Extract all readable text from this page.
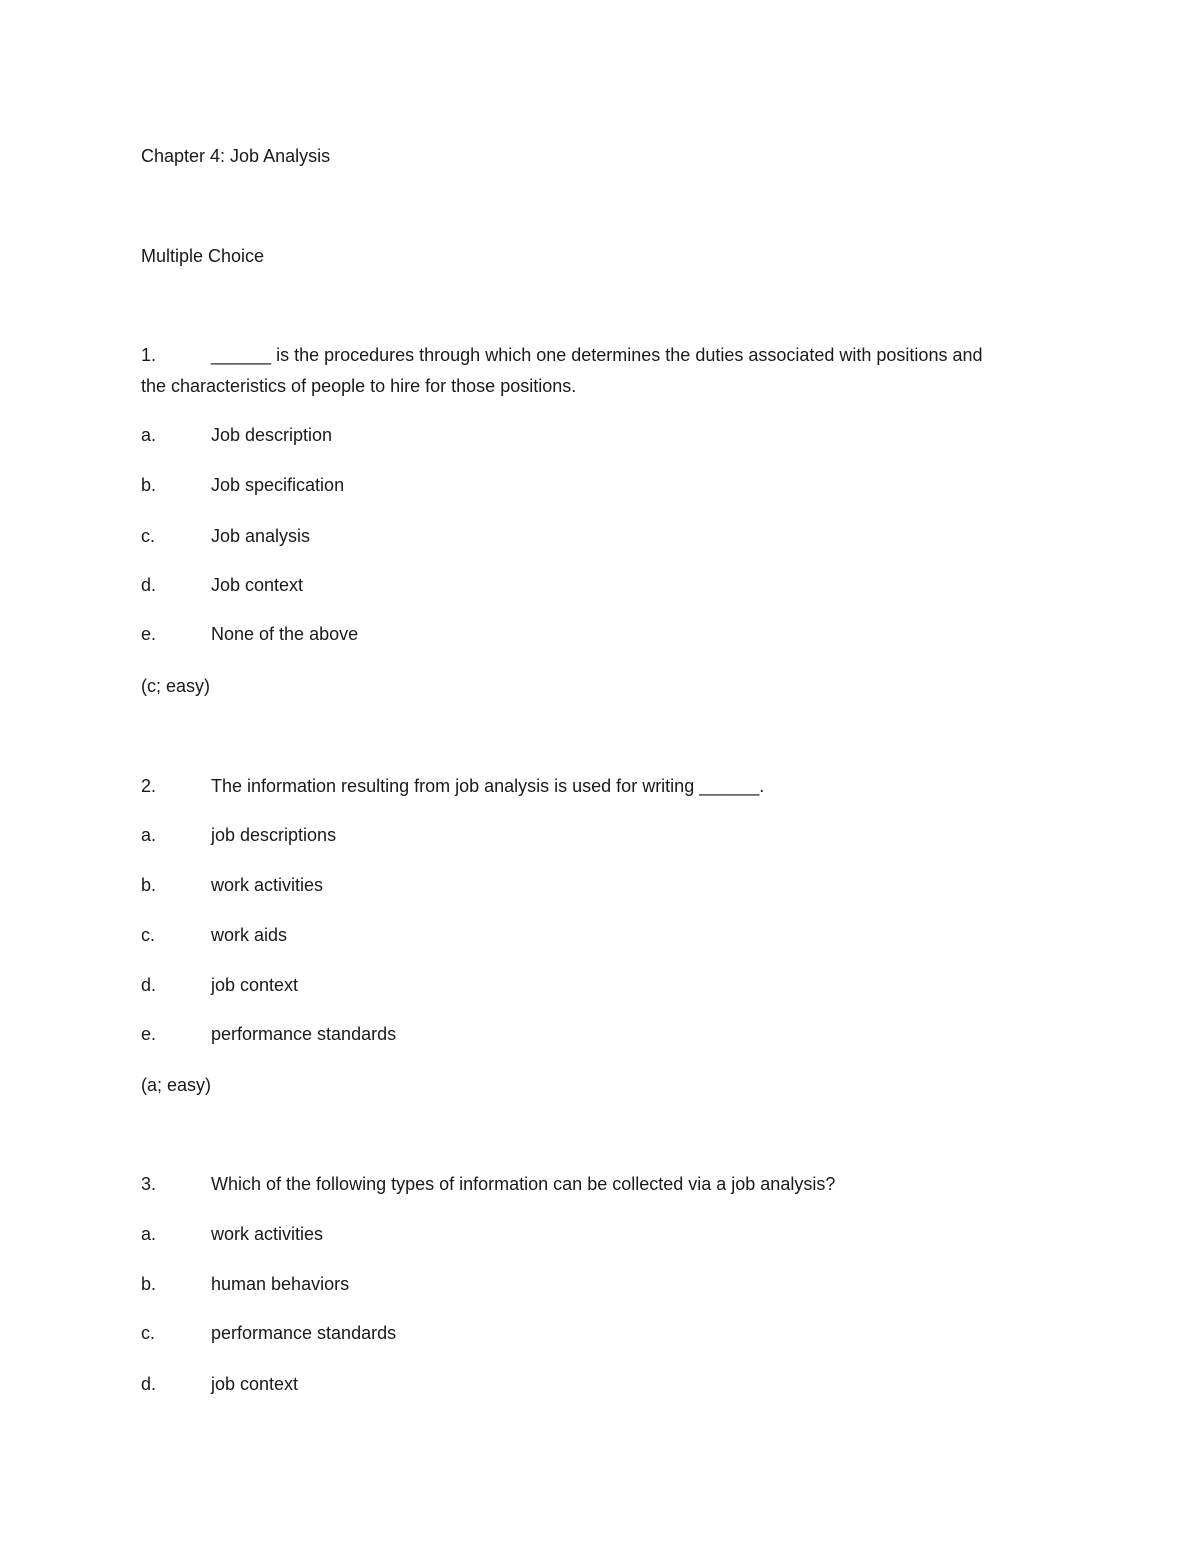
Chapter 4: Job Analysis
Multiple Choice
1.	______ is the procedures through which one determines the duties associated with positions and
the characteristics of people to hire for those positions.
a.	Job description
b.	Job specification
c.	Job analysis
d.	Job context
e.	None of the above
(c; easy)
2.	The information resulting from job analysis is used for writing ______.
a.	job descriptions
b.	work activities
c.	work aids
d.	job context
e.	performance standards
(a; easy)
3.	Which of the following types of information can be collected via a job analysis?
a.	work activities
b.	human behaviors
c.	performance standards
d.	job context
